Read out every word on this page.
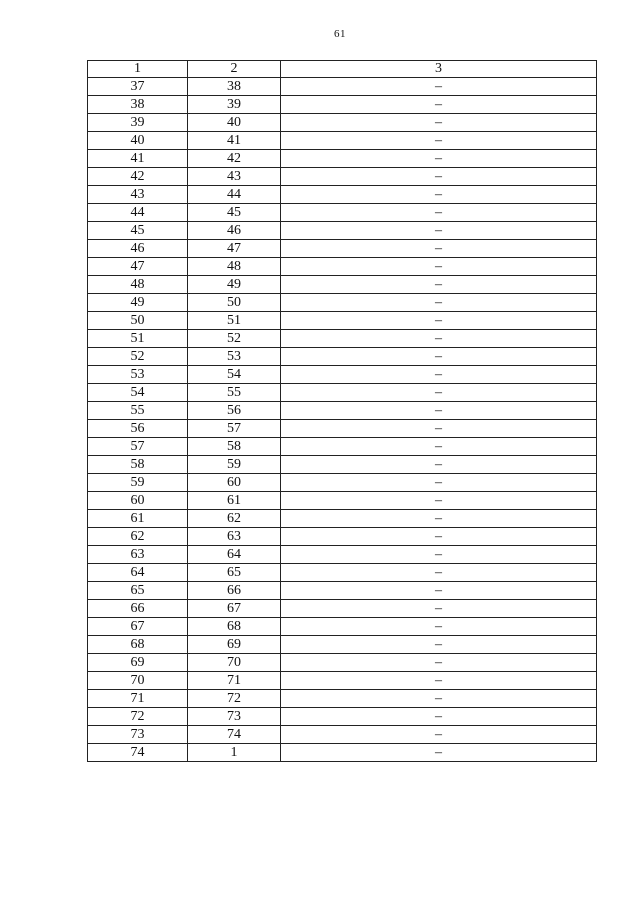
61
1	2	3
37	38	–
38	39	–
39	40	–
40	41	–
41	42	–
42	43	–
43	44	–
44	45	–
45	46	–
46	47	–
47	48	–
48	49	–
49	50	–
50	51	–
51	52	–
52	53	–
53	54	–
54	55	–
55	56	–
56	57	–
57	58	–
58	59	–
59	60	–
60	61	–
61	62	–
62	63	–
63	64	–
64	65	–
65	66	–
66	67	–
67	68	–
68	69	–
69	70	–
70	71	–
71	72	–
72	73	–
73	74	–
74	1	–
